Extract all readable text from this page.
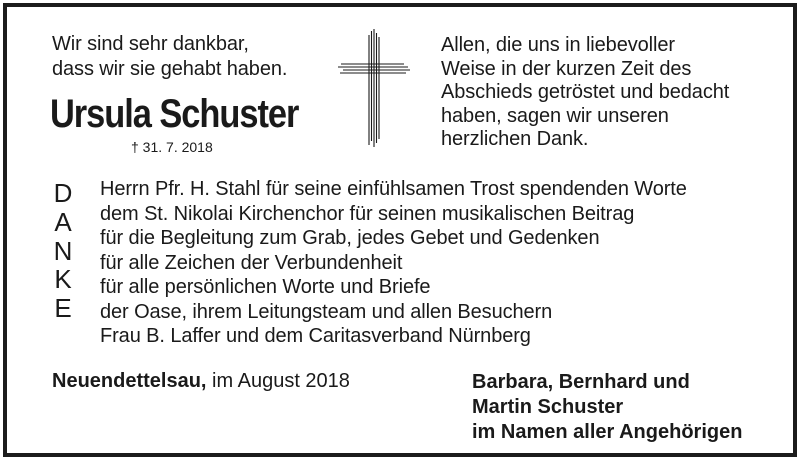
Wir sind sehr dankbar,
dass wir sie gehabt haben.
Ursula Schuster
† 31. 7. 2018
Allen, die uns in liebevoller
Weise in der kurzen Zeit des
Abschieds getröstet und bedacht
haben, sagen wir unseren
herzlichen Dank.
D
A
N
K
E
Herrn Pfr. H. Stahl für seine einfühlsamen Trost spendenden Worte
dem St. Nikolai Kirchenchor für seinen musikalischen Beitrag
für die Begleitung zum Grab, jedes Gebet und Gedenken
für alle Zeichen der Verbundenheit
für alle persönlichen Worte und Briefe
der Oase, ihrem Leitungsteam und allen Besuchern
Frau B. Laffer und dem Caritasverband Nürnberg
Neuendettelsau, im August 2018	Barbara, Bernhard und
Martin Schuster
im Namen aller Angehörigen
